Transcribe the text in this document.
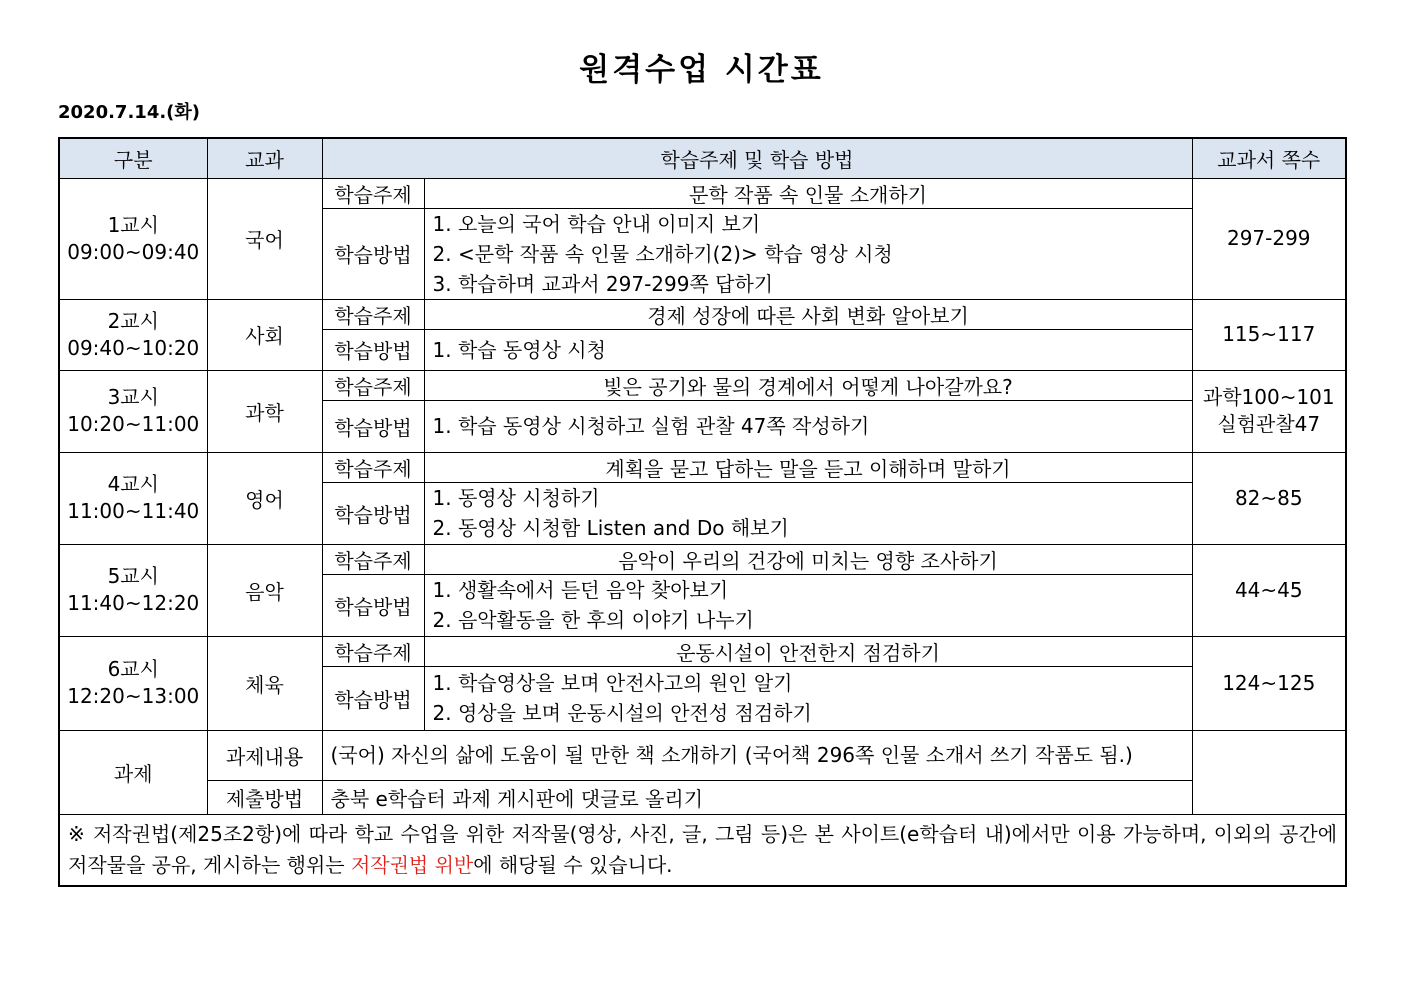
원격수업 시간표
2020.7.14.(화)
구분	교과	학습주제 및 학습 방법		교과서 쪽수

1교시
09:00~09:40	국어	학습주제	문학 작품 속 인물 소개하기	297-299

		학습방법	1. 오늘의 국어 학습 안내 이미지 보기
2. <문학 작품 속 인물 소개하기(2)> 학습 영상 시청
3. 학습하며 교과서 297-299쪽 답하기	

2교시
09:40~10:20	사회	학습주제	경제 성장에 따른 사회 변화 알아보기	115~117

		학습방법	1. 학습 동영상 시청	

3교시
10:20~11:00	과학	학습주제	빛은 공기와 물의 경계에서 어떻게 나아갈까요?	과학100~101
실험관찰47

		학습방법	1. 학습 동영상 시청하고 실험 관찰 47쪽 작성하기	

4교시
11:00~11:40	영어	학습주제	계획을 묻고 답하는 말을 듣고 이해하며 말하기	82~85

		학습방법	1. 동영상 시청하기
2. 동영상 시청함 Listen and Do 해보기	

5교시
11:40~12:20	음악	학습주제	음악이 우리의 건강에 미치는 영향 조사하기	44~45

		학습방법	1. 생활속에서 듣던 음악 찾아보기
2. 음악활동을 한 후의 이야기 나누기	

6교시
12:20~13:00	체육	학습주제	운동시설이 안전한지 점검하기	124~125

		학습방법	1. 학습영상을 보며 안전사고의 원인 알기
2. 영상을 보며 운동시설의 안전성 점검하기	

과제	과제내용	(국어) 자신의 삶에 도움이 될 만한 책 소개하기 (국어책 296쪽 인물 소개서 쓰기 작품도 됨.)		
	제출방법	충북 e학습터 과제 게시판에 댓글로 올리기		
※ 저작권법(제25조2항)에 따라 학교 수업을 위한 저작물(영상, 사진, 글, 그림 등)은 본 사이트(e학습터 내)에서만 이용 가능하며, 이외의 공간에 저작물을 공유, 게시하는 행위는 저작권법 위반에 해당될 수 있습니다.				
